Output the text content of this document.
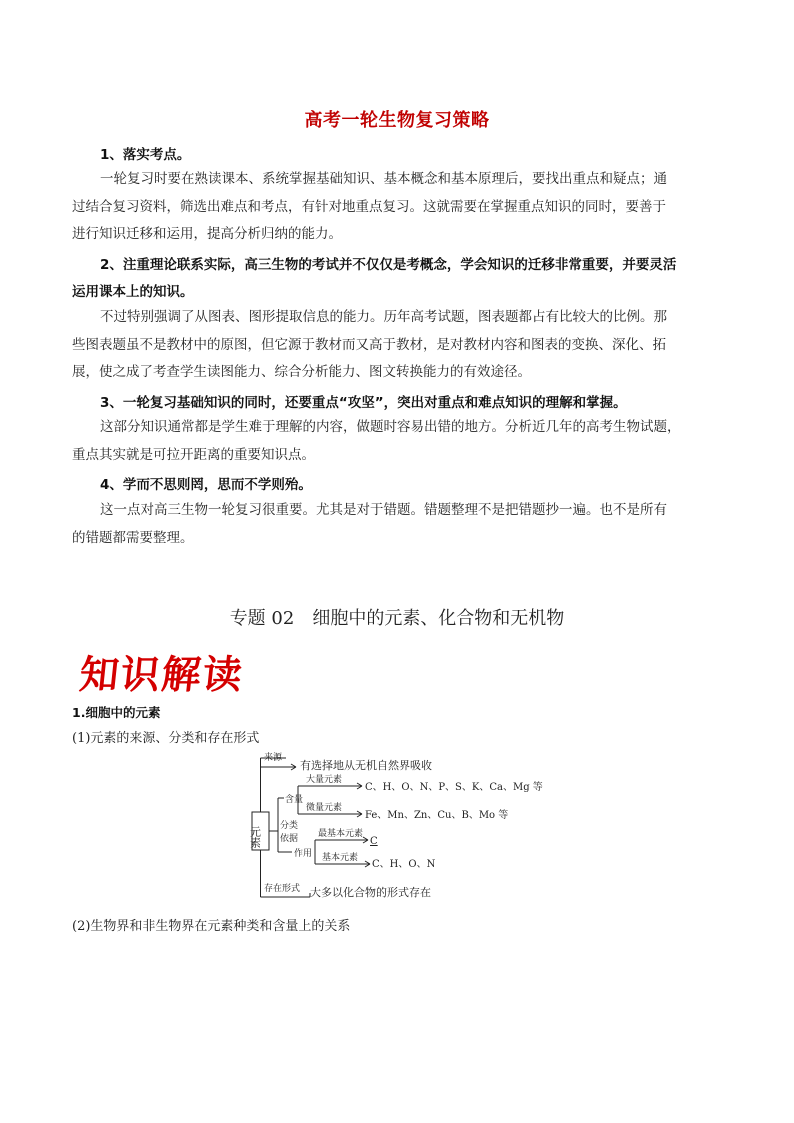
高考一轮生物复习策略
1、落实考点。
一轮复习时要在熟读课本、系统掌握基础知识、基本概念和基本原理后，要找出重点和疑点；通
过结合复习资料，筛选出难点和考点，有针对地重点复习。这就需要在掌握重点知识的同时，要善于
进行知识迁移和运用，提高分析归纳的能力。
2、注重理论联系实际，高三生物的考试并不仅仅是考概念，学会知识的迁移非常重要，并要灵活
运用课本上的知识。
不过特别强调了从图表、图形提取信息的能力。历年高考试题，图表题都占有比较大的比例。那
些图表题虽不是教材中的原图，但它源于教材而又高于教材，是对教材内容和图表的变换、深化、拓
展，使之成了考查学生读图能力、综合分析能力、图文转换能力的有效途径。
3、一轮复习基础知识的同时，还要重点“攻坚”，突出对重点和难点知识的理解和掌握。
这部分知识通常都是学生难于理解的内容，做题时容易出错的地方。分析近几年的高考生物试题，
重点其实就是可拉开距离的重要知识点。
4、学而不思则罔，思而不学则殆。
这一点对高三生物一轮复习很重要。尤其是对于错题。错题整理不是把错题抄一遍。也不是所有
的错题都需要整理。
专题 02　细胞中的元素、化合物和无机物
知识解读
1.细胞中的元素
(1)元素的来源、分类和存在形式
元素
来源
有选择地从无机自然界吸收
分类
依据
含量
大量元素
C、H、O、N、P、S、K、Ca、Mg 等
微量元素
Fe、Mn、Zn、Cu、B、Mo 等
作用
最基本元素
C
基本元素
C、H、O、N
存在形式 大多以化合物的形式存在
(2)生物界和非生物界在元素种类和含量上的关系
